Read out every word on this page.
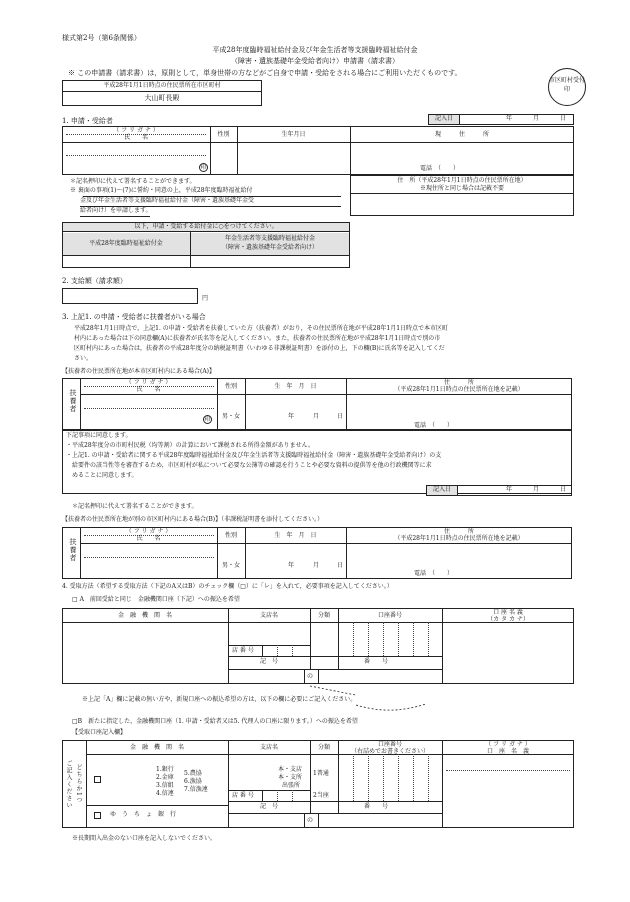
様式第2号（第6条関係）
平成28年度臨時福祉給付金及び年金生活者等支援臨時福祉給付金
（障害・遺族基礎年金受給者向け）申請書（請求書）
※ この申請書（請求書）は，原則として，単身世帯の方などがご自身で申請・受給をされる場合にご利用いただくものです。
市区町村受付印
平成28年1月1日時点の住民票所在市区町村
大山町長殿
1. 申請・受給者	記入日	年	月	日
（ フ リ ガ ナ ）
氏　　名	性別	生年月日	現　　　住　　　所
印	電話　（　　）
＊記名押印に代えて署名することができます。
※ 裏面の事項(1)～(7)に誓約・同意の上，平成28年度臨時福祉給付
金及び年金生活者等支援臨時福祉給付金（障害・遺族基礎年金受
給者向け）を申請します。
住　所（平成28年1月1日時点の住民票所在地）
※現住所と同じ場合は記載不要
以下，申請・受給する給付金に○をつけてください。
平成28年度臨時福祉給付金
年金生活者等支援臨時福祉給付金
（障害・遺族基礎年金受給者向け）
2. 支給額（請求額）
円
3. 上記1. の申請・受給者に扶養者がいる場合
平成28年1月1日時点で，上記1. の申請・受給者を扶養していた方（扶養者）がおり，その住民票所在地が平成28年1月1日時点で本市区町
村内にあった場合は下の同意欄(A)に扶養者が氏名等を記入してください。また，扶養者の住民票所在地が平成28年1月1日時点で別の市
区町村内にあった場合は，扶養者の平成28年度分の納税証明書（いわゆる非課税証明書）を添付の上，下の欄(B)に氏名等を記入してくだ
さい。
【扶養者の住民票所在地が本市区町村内にある場合(A)】
扶養者
（ フ リ ガ ナ ）
氏　　名	性別	生　年　月　日
住　　　所
（平成28年1月1日時点の住民票所在地を記載）
印	男・女	年	月	日
電話　（　　）
下記事項に同意します。
・平成28年度分の市町村民税（均等割）の計算において課税される所得金額がありません。
・上記1. の申請・受給者に関する平成28年度臨時福祉給付金及び年金生活者等支援臨時福祉給付金（障害・遺族基礎年金受給者向け）の支
給要件の該当性等を審査するため，市区町村が私について必要な公簿等の確認を行うことや必要な資料の提供等を他の行政機関等に求
めることに同意します。
記入日	年	月	日
＊記名押印に代えて署名することができます。
【扶養者の住民票所在地が別の市区町村内にある場合(B)】（非課税証明書を添付してください。）
扶養者
（ フ リ ガ ナ ）
氏　　名	性別	生　年　月　日
住　　　所
（平成28年1月1日時点の住民票所在地を記載）
男・女	年	月	日
電話　（　　）
4. 受取方法（希望する受取方法（下記のA又はB）のチェック欄（□）に「レ」を入れて，必要事項を記入してください。）
□ A　前回受給と同じ　金融機関口座（下記）への振込を希望
金　融　機　関　名	支店名	分類	口座番号	口 座 名 義
（カ タ カ ナ）
店 番 号
記　号	番　　号
の
※上記「A」欄に記載の無い方や，新規口座への振込希望の方は，以下の欄に必要にご記入ください。
□B　新たに指定した，金融機関口座（1. 申請・受給者又は5. 代理人の口座に限ります。）への振込を希望
【受取口座記入欄】
ご記入ください どちらか1つ
金　融　機　関　名	支店名	分類	口座番号
（右詰めでお書きください）
（ フ リ ガ ナ ）
口　座　名　義
1.銀行
2.金庫
3.信組
4.信連
5.農協
6.漁協
7.信漁連
本・支店
本・支所
出張所
店 番 号
1普通
2当座
記　号	番　　号
の
ゆ　う　ち　ょ　銀　行
※長期間入出金のない口座を記入しないでください。
